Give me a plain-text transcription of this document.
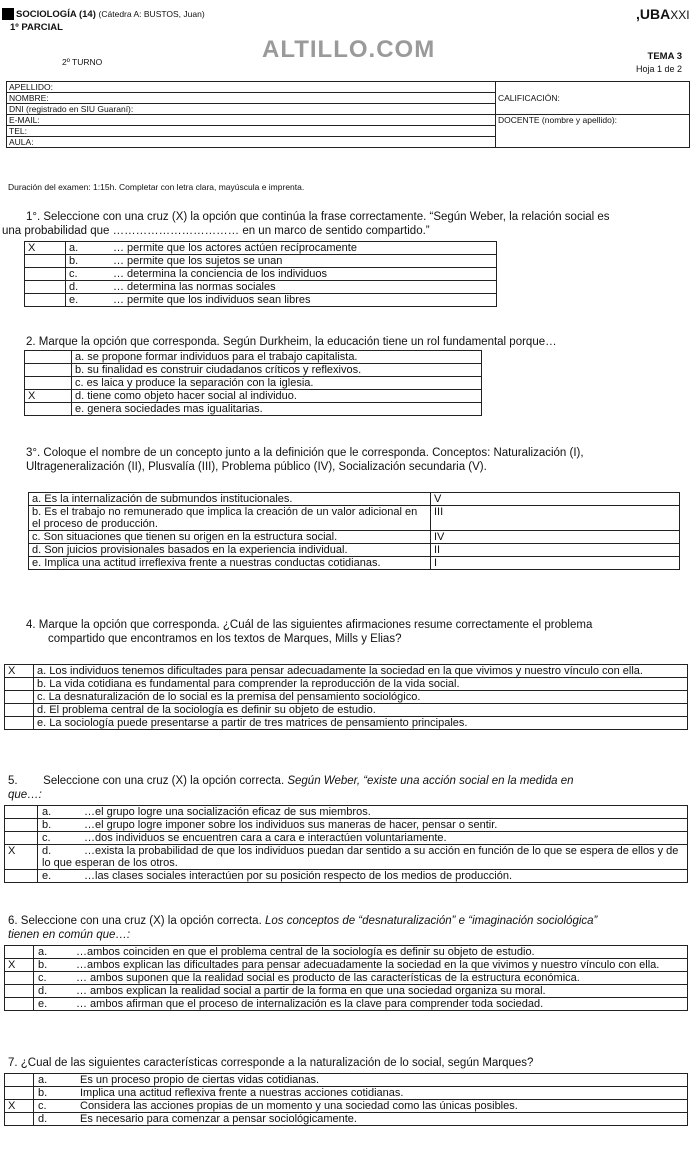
SOCIOLOGÍA (14) (Cátedra A: BUSTOS, Juan)
1º PARCIAL
2º TURNO	ALTILLO.COM
,UBAXXI
TEMA 3
Hoja 1 de 2
APELLIDO:	CALIFICACIÓN:
NOMBRE:	
DNI (registrado en SIU Guaraní):	
E-MAIL:	DOCENTE (nombre y apellido):
TEL:	
AULA:	
Duración del examen: 1:15h. Completar con letra clara, mayúscula e imprenta.
1°. Seleccione con una cruz (X) la opción que continúa la frase correctamente. “Según Weber, la relación social es
una probabilidad que …………………………… en un marco de sentido compartido.”
X	a.	… permite que los actores actúen recíprocamente
	b.	… permite que los sujetos se unan
	c.	… determina la conciencia de los individuos
	d.	… determina las normas sociales
	e.	… permite que los individuos sean libres
2. Marque la opción que corresponda. Según Durkheim, la educación tiene un rol fundamental porque…
	a. se propone formar individuos para el trabajo capitalista.
	b. su finalidad es construir ciudadanos críticos y reflexivos.
	c. es laica y produce la separación con la iglesia.
X	d. tiene como objeto hacer social al individuo.
	e. genera sociedades mas igualitarias.
3°. Coloque el nombre de un concepto junto a la definición que le corresponda. Conceptos: Naturalización (I),
Ultrageneralización (II), Plusvalía (III), Problema público (IV), Socialización secundaria (V).
a. Es la internalización de submundos institucionales.	V
b. Es el trabajo no remunerado que implica la creación de un valor adicional en el proceso de producción.	III
c. Son situaciones que tienen su origen en la estructura social.	IV
d. Son juicios provisionales basados en la experiencia individual.	II
e. Implica una actitud irreflexiva frente a nuestras conductas cotidianas.	I
4. Marque la opción que corresponda. ¿Cuál de las siguientes afirmaciones resume correctamente el problema
compartido que encontramos en los textos de Marques, Mills y Elias?
X	a. Los individuos tenemos dificultades para pensar adecuadamente la sociedad en la que vivimos y nuestro vínculo con ella.
	b. La vida cotidiana es fundamental para comprender la reproducción de la vida social.
	c. La desnaturalización de lo social es la premisa del pensamiento sociológico.
	d. El problema central de la sociología es definir su objeto de estudio.
	e. La sociología puede presentarse a partir de tres matrices de pensamiento principales.
5.        Seleccione con una cruz (X) la opción correcta. Según Weber, “existe una acción social en la medida en
que…:
	a. …el grupo logre una socialización eficaz de sus miembros.
	b. …el grupo logre imponer sobre los individuos sus maneras de hacer, pensar o sentir.
	c. …dos individuos se encuentren cara a cara e interactúen voluntariamente.
X	d. …exista la probabilidad de que los individuos puedan dar sentido a su acción en función de lo que se espera de ellos y de lo que esperan de los otros.
	e. …las clases sociales interactúen por su posición respecto de los medios de producción.
6. Seleccione con una cruz (X) la opción correcta. Los conceptos de “desnaturalización” e “imaginación sociológica”
tienen en común que…:
	a. …ambos coinciden en que el problema central de la sociología es definir su objeto de estudio.
X	b. …ambos explican las dificultades para pensar adecuadamente la sociedad en la que vivimos y nuestro vínculo con ella.
	c. … ambos suponen que la realidad social es producto de las características de la estructura económica.
	d. … ambos explican la realidad social a partir de la forma en que una sociedad organiza su moral.
	e. … ambos afirman que el proceso de internalización es la clave para comprender toda sociedad.
7. ¿Cual de las siguientes características corresponde a la naturalización de lo social, según Marques?
	a. Es un proceso propio de ciertas vidas cotidianas.
	b. Implica una actitud reflexiva frente a nuestras acciones cotidianas.
X	c. Considera las acciones propias de un momento y una sociedad como las únicas posibles.
	d. Es necesario para comenzar a pensar sociológicamente.
